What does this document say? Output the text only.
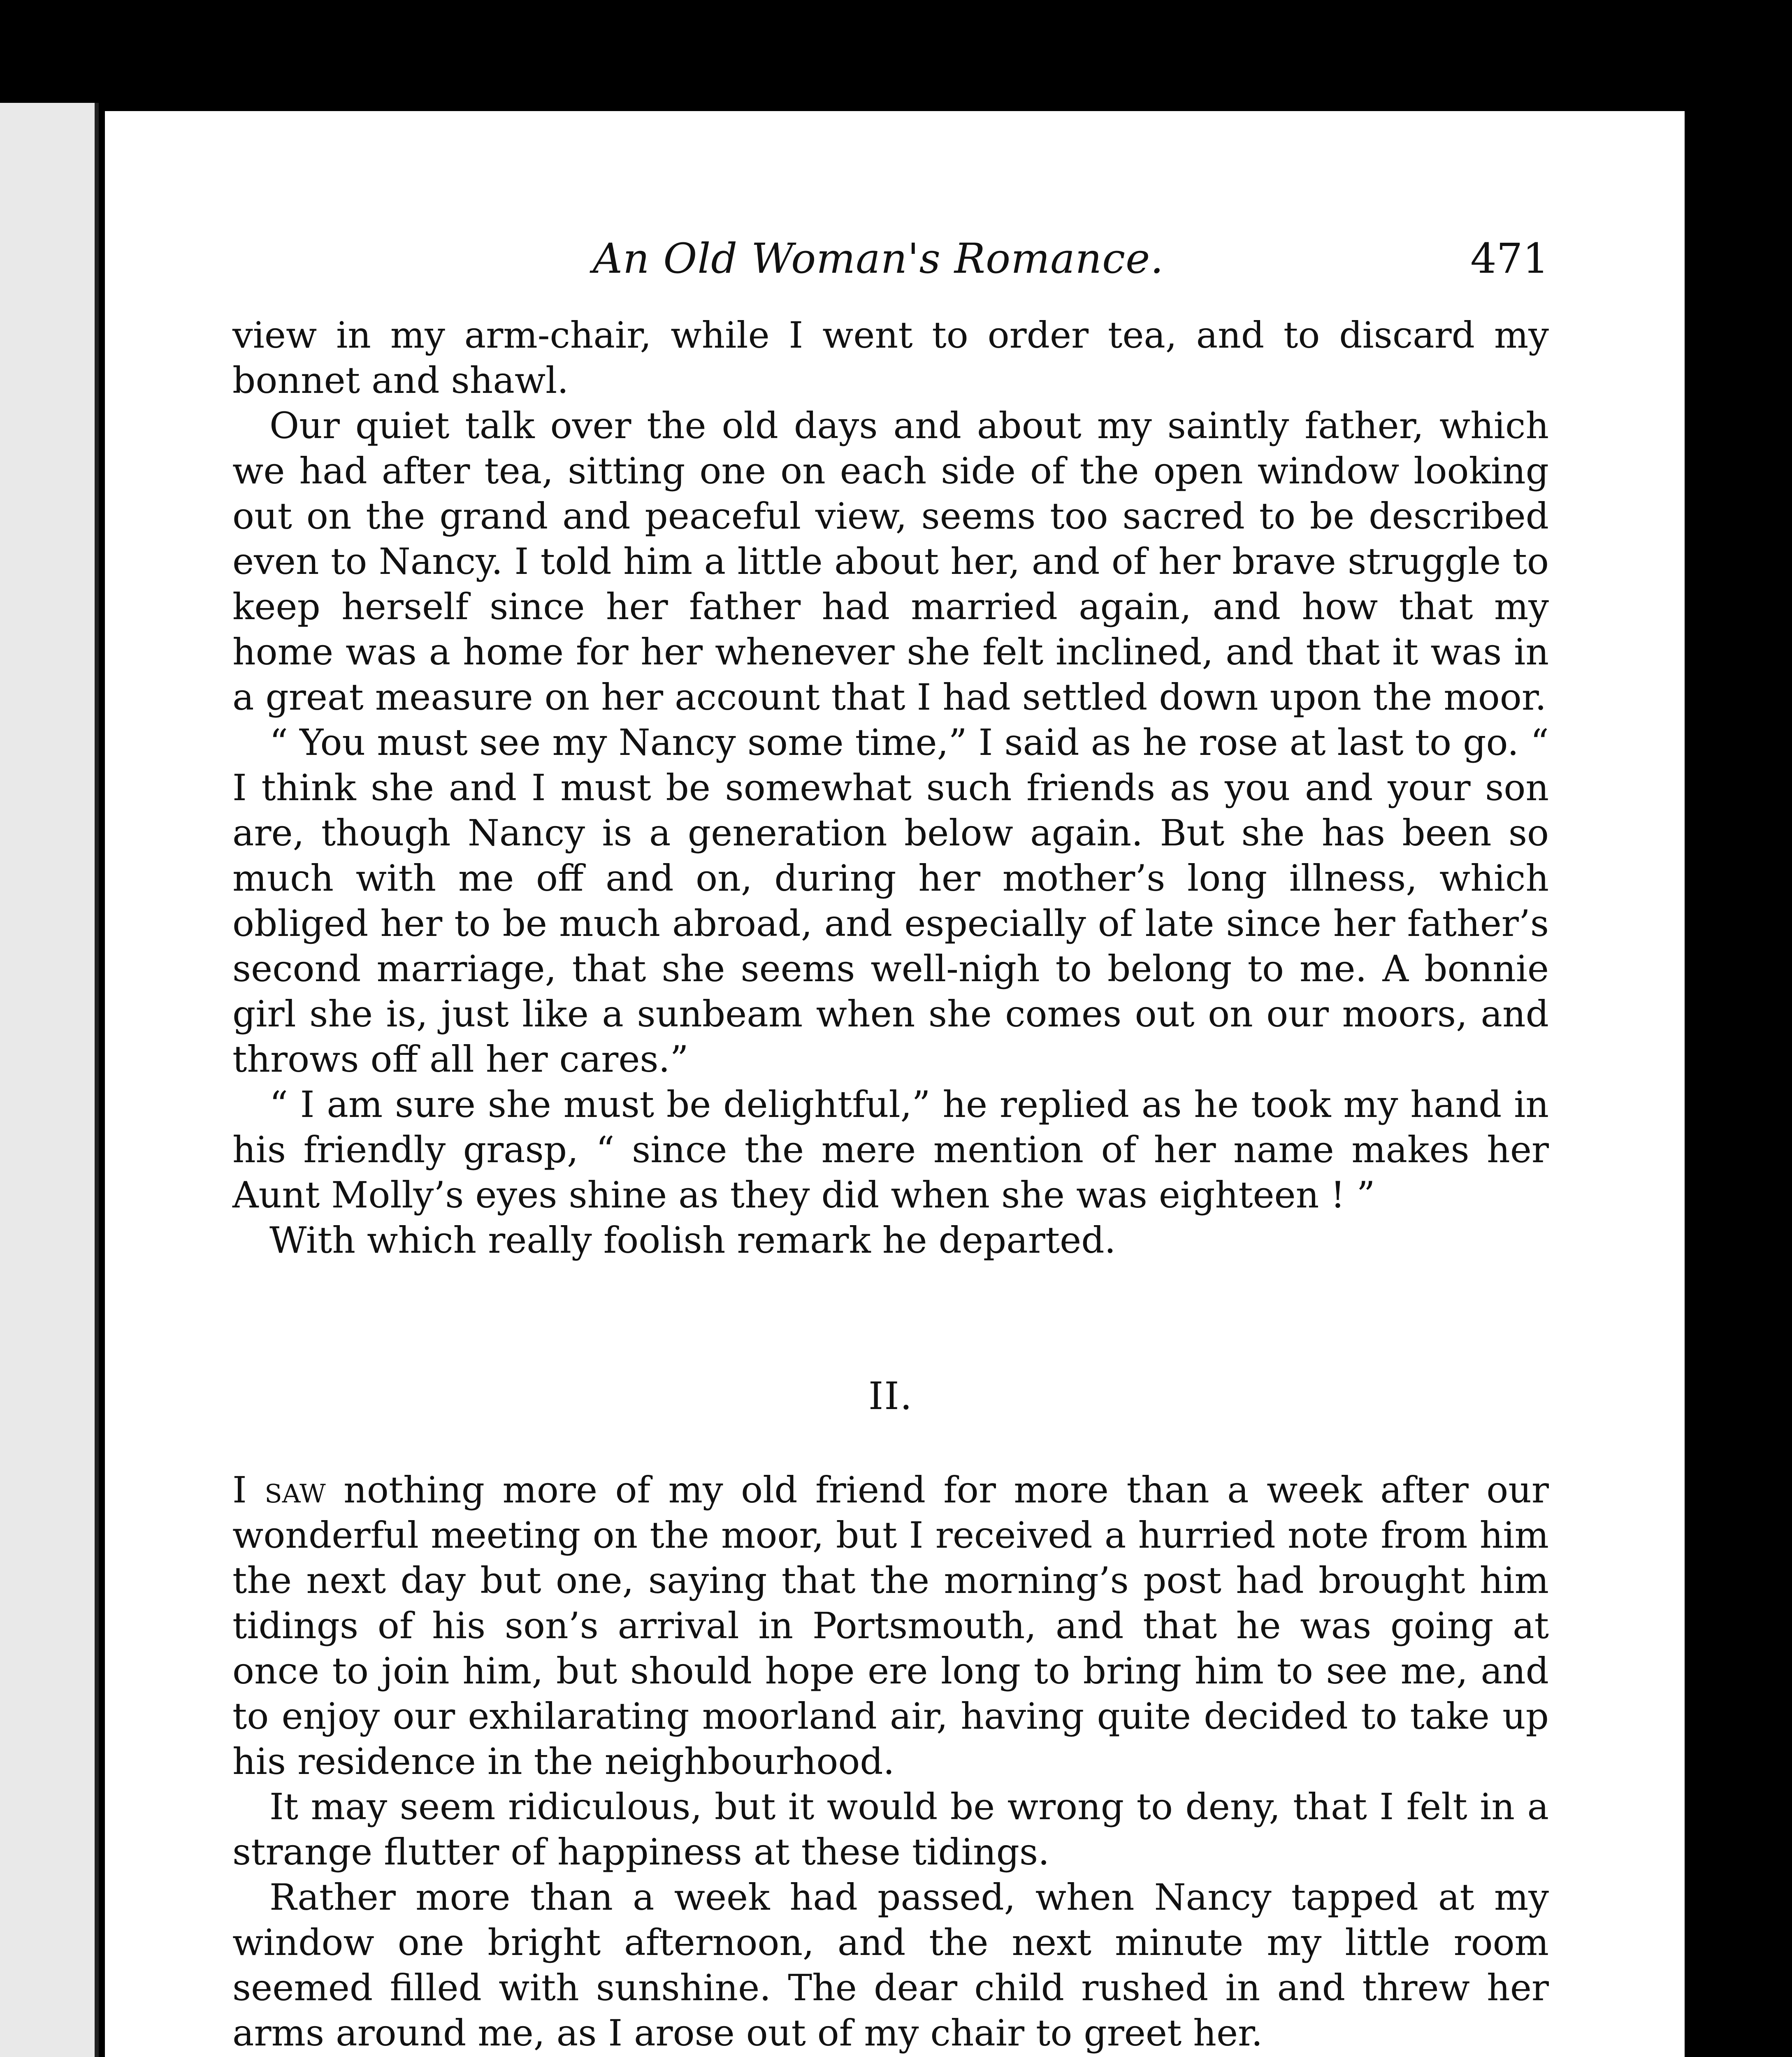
An Old Woman's Romance.	471

view in my arm-chair, while I went to order tea, and to discard my bonnet and shawl.

Our quiet talk over the old days and about my saintly father, which we had after tea, sitting one on each side of the open window looking out on the grand and peaceful view, seems too sacred to be described even to Nancy. I told him a little about her, and of her brave struggle to keep herself since her father had married again, and how that my home was a home for her whenever she felt inclined, and that it was in a great measure on her account that I had settled down upon the moor.

“ You must see my Nancy some time,” I said as he rose at last to go. “ I think she and I must be somewhat such friends as you and your son are, though Nancy is a generation below again. But she has been so much with me off and on, during her mother’s long illness, which obliged her to be much abroad, and especially of late since her father’s second marriage, that she seems well-nigh to belong to me. A bonnie girl she is, just like a sunbeam when she comes out on our moors, and throws off all her cares.”

“ I am sure she must be delightful,” he replied as he took my hand in his friendly grasp, “ since the mere mention of her name makes her Aunt Molly’s eyes shine as they did when she was eighteen ! ”

With which really foolish remark he departed.

II.

I saw nothing more of my old friend for more than a week after our wonderful meeting on the moor, but I received a hurried note from him the next day but one, saying that the morning’s post had brought him tidings of his son’s arrival in Portsmouth, and that he was going at once to join him, but should hope ere long to bring him to see me, and to enjoy our exhilarating moorland air, having quite decided to take up his residence in the neighbourhood.

It may seem ridiculous, but it would be wrong to deny, that I felt in a strange flutter of happiness at these tidings.

Rather more than a week had passed, when Nancy tapped at my window one bright afternoon, and the next minute my little room seemed filled with sunshine. The dear child rushed in and threw her arms around me, as I arose out of my chair to greet her.
